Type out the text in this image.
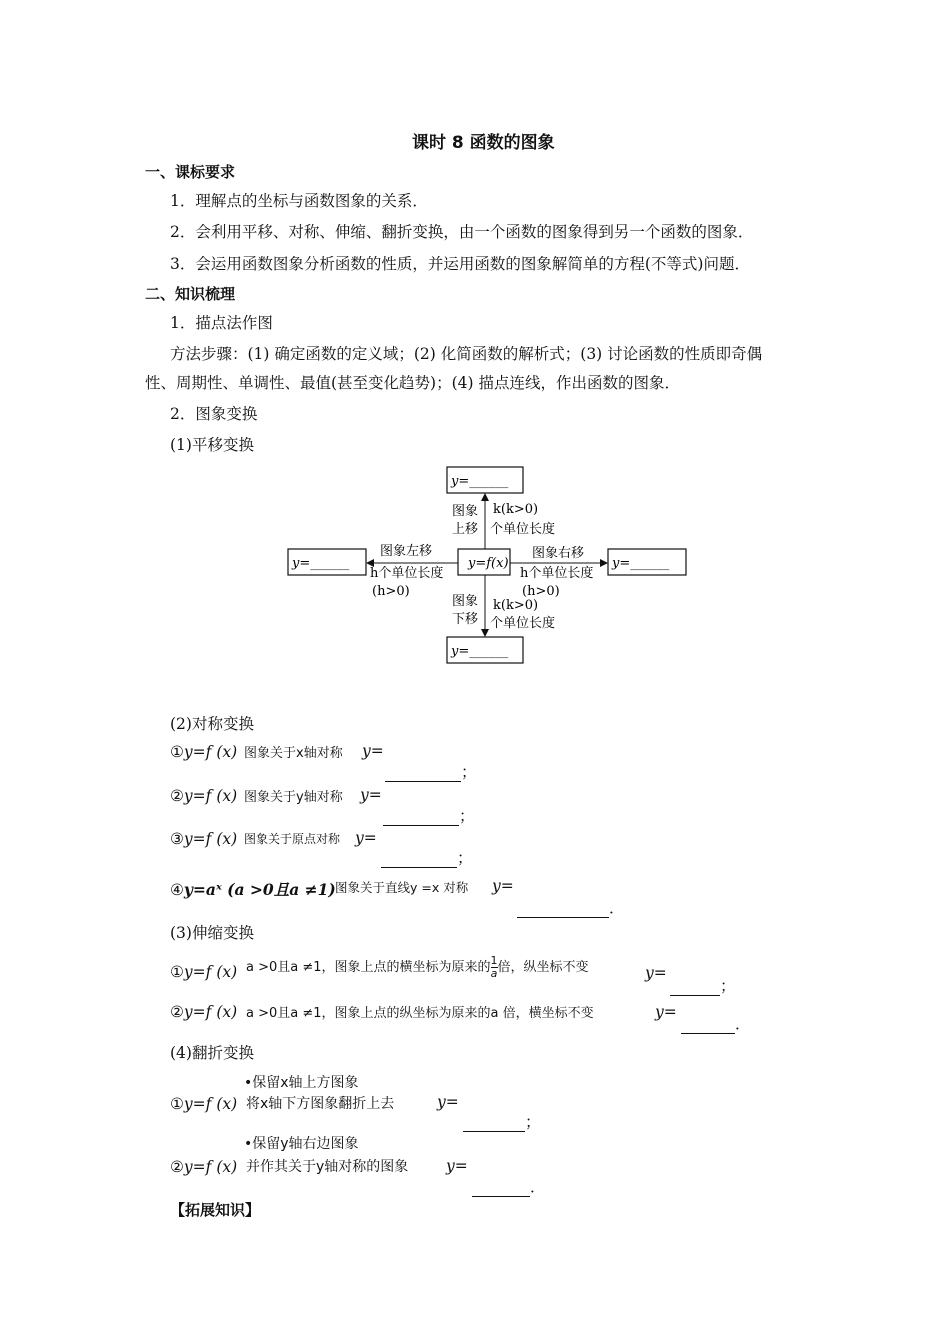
课时 8 函数的图象
一、课标要求
1．理解点的坐标与函数图象的关系．
2．会利用平移、对称、伸缩、翻折变换，由一个函数的图象得到另一个函数的图象．
3．会运用函数图象分析函数的性质，并运用函数的图象解简单的方程(不等式)问题．
二、知识梳理
1．描点法作图
方法步骤：(1) 确定函数的定义域；(2) 化简函数的解析式；(3) 讨论函数的性质即奇偶
性、周期性、单调性、最值(甚至变化趋势)；(4) 描点连线，作出函数的图象．
2．图象变换
(1)平移变换
y=______
y=f(x)
y=______	y=______
y=______
图象
上移
k(k>0)
个单位长度
图象左移
h个单位长度
(h>0)
图象右移
h个单位长度
(h>0)
图象
下移
k(k>0)
个单位长度
(2)对称变换
①y=f (x) 图象关于x轴对称 y=
；
②y=f (x) 图象关于y轴对称 y=
；
③y=f (x) 图象关于原点对称 y=
；
④y=aˣ (a >0且a ≠1) 图象关于直线y =x 对称 y=
．
(3)伸缩变换
①y=f (x) a >0且a ≠1，图象上点的横坐标为原来的 $\frac{1}{a}$ 倍，纵坐标不变	y=
；
②y=f (x) a >0且a ≠1，图象上点的纵坐标为原来的a 倍，横坐标不变	y=
．
(4)翻折变换
•保留x轴上方图象
①y=f (x) 将x轴下方图象翻折上去	y=
；
•保留y轴右边图象
②y=f (x) 并作其关于y轴对称的图象 y=
．
【拓展知识】
